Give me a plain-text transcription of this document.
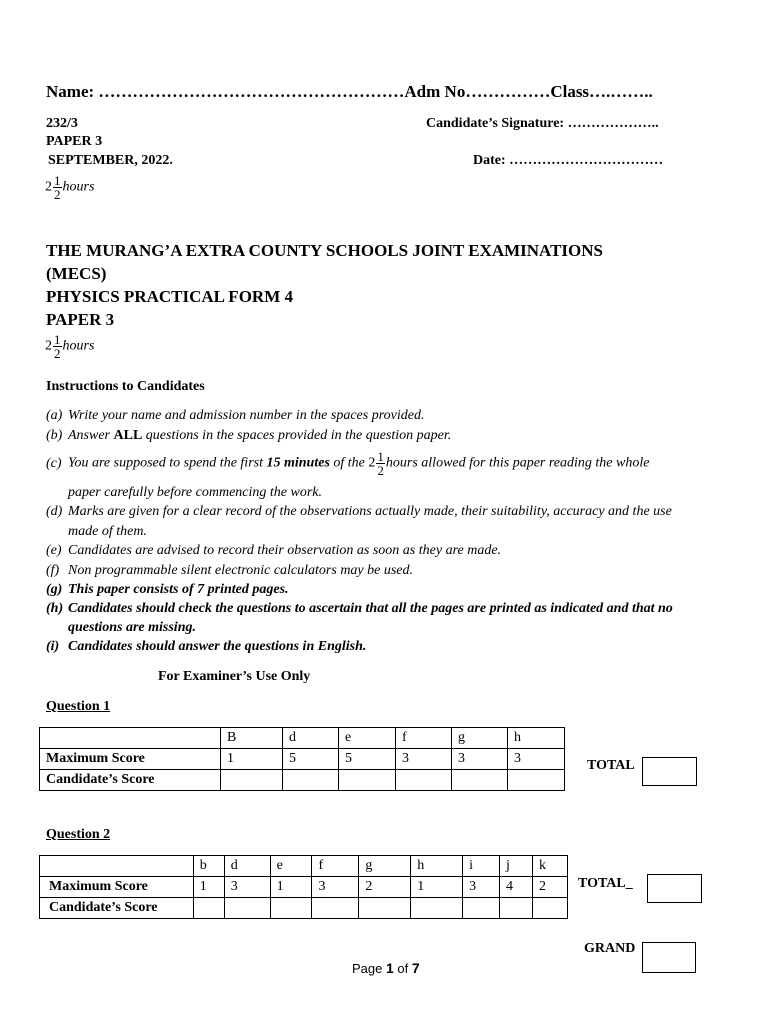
Name: ………………………………………………Adm No……………Class….……..
232/3	Candidate’s Signature: ………………..
PAPER 3
SEPTEMBER, 2022.	Date: ……………………………
$2 \frac{1}{2}$ hours
THE MURANG’A EXTRA COUNTY SCHOOLS JOINT EXAMINATIONS
(MECS)
PHYSICS PRACTICAL FORM 4
PAPER 3
$2 \frac{1}{2}$ hours
Instructions to Candidates
(a) Write your name and admission number in the spaces provided.
(b) Answer ALL questions in the spaces provided in the question paper.
(c) You are supposed to spend the first 15 minutes of the $2 \frac{1}{2}$ hours allowed for this paper reading the whole
paper carefully before commencing the work.
(d) Marks are given for a clear record of the observations actually made, their suitability, accuracy and the use
made of them.
(e) Candidates are advised to record their observation as soon as they are made.
(f) Non programmable silent electronic calculators may be used.
(g) This paper consists of 7 printed pages.
(h) Candidates should check the questions to ascertain that all the pages are printed as indicated and that no
questions are missing.
(i) Candidates should answer the questions in English.
For Examiner’s Use Only
Question 1
	B	d	e	f	g	h
Maximum Score	1	5	5	3	3	3
Candidate’s Score						
TOTAL
Question 2
	b	d	e	f	g	h	i	j	k
Maximum Score	1	3	1	3	2	1	3	4	2
Candidate’s Score									
TOTAL_
GRAND
Page 1 of 7
